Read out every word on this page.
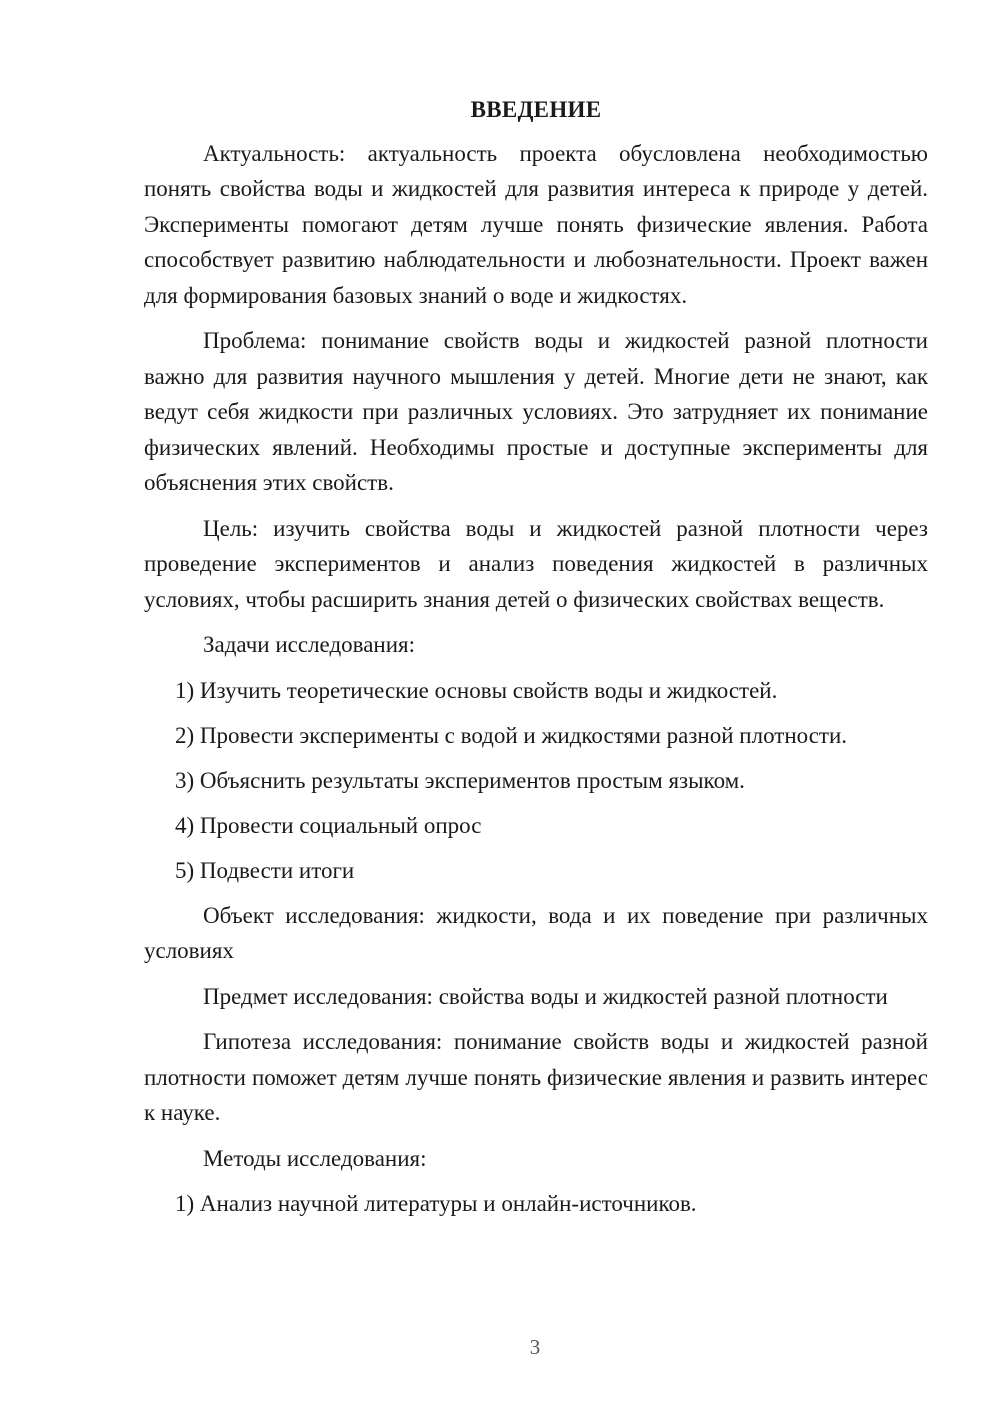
ВВЕДЕНИЕ

Актуальность: актуальность проекта обусловлена необходимостью понять свойства воды и жидкостей для развития интереса к природе у детей. Эксперименты помогают детям лучше понять физические явления. Работа способствует развитию наблюдательности и любознательности. Проект важен для формирования базовых знаний о воде и жидкостях.

Проблема: понимание свойств воды и жидкостей разной плотности важно для развития научного мышления у детей. Многие дети не знают, как ведут себя жидкости при различных условиях. Это затрудняет их понимание физических явлений. Необходимы простые и доступные эксперименты для объяснения этих свойств.

Цель: изучить свойства воды и жидкостей разной плотности через проведение экспериментов и анализ поведения жидкостей в различных условиях, чтобы расширить знания детей о физических свойствах веществ.

Задачи исследования:

1) Изучить теоретические основы свойств воды и жидкостей.

2) Провести эксперименты с водой и жидкостями разной плотности.

3) Объяснить результаты экспериментов простым языком.

4) Провести социальный опрос

5) Подвести итоги

Объект исследования: жидкости, вода и их поведение при различных условиях

Предмет исследования: свойства воды и жидкостей разной плотности

Гипотеза исследования: понимание свойств воды и жидкостей разной плотности поможет детям лучше понять физические явления и развить интерес к науке.

Методы исследования:

1) Анализ научной литературы и онлайн-источников.

3
